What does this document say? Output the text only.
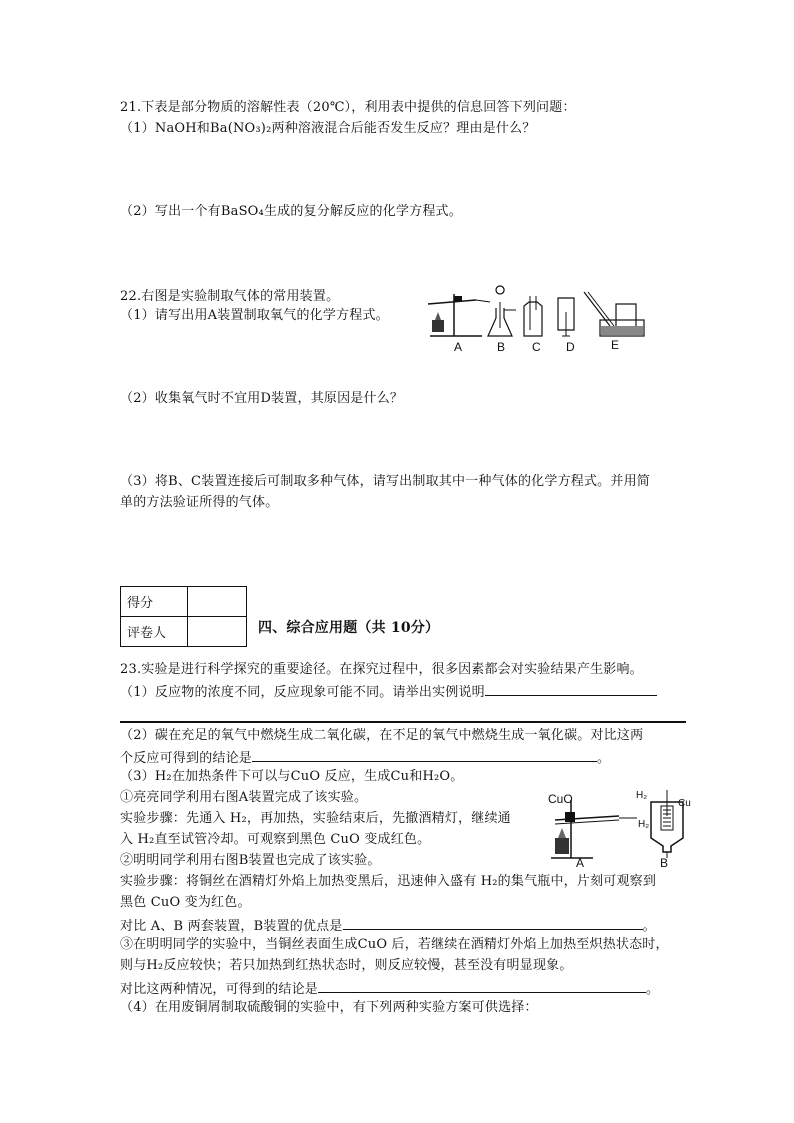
21.下表是部分物质的溶解性表（20℃），利用表中提供的信息回答下列问题：
（1）NaOH和Ba(NO₃)₂两种溶液混合后能否发生反应？理由是什么？
（2）写出一个有BaSO₄生成的复分解反应的化学方程式。
22.右图是实验制取气体的常用装置。
（1）请写出用A装置制取氧气的化学方程式。
A	B C D	E
（2）收集氧气时不宜用D装置，其原因是什么？
（3）将B、C装置连接后可制取多种气体，请写出制取其中一种气体的化学方程式。并用简
单的方法验证所得的气体。
得分	
评卷人		四、综合应用题（共 10分）
23.实验是进行科学探究的重要途径。在探究过程中，很多因素都会对实验结果产生影响。
（1）反应物的浓度不同，反应现象可能不同。请举出实例说明
（2）碳在充足的氧气中燃烧生成二氧化碳，在不足的氧气中燃烧生成一氧化碳。对比这两
个反应可得到的结论是	。
（3）H₂在加热条件下可以与CuO 反应，生成Cu和H₂O。
①亮亮同学利用右图A装置完成了该实验。
实验步骤：先通入 H₂，再加热，实验结束后，先撤酒精灯，继续通
入 H₂直至试管冷却。可观察到黑色 CuO 变成红色。
②明明同学利用右图B装置也完成了该实验。
CuO
H₂
A
H₂
Cu
B
实验步骤：将铜丝在酒精灯外焰上加热变黑后，迅速伸入盛有 H₂的集气瓶中，片刻可观察到
黑色 CuO 变为红色。
对比 A、B 两套装置，B装置的优点是	。
③在明明同学的实验中，当铜丝表面生成CuO 后，若继续在酒精灯外焰上加热至炽热状态时，
则与H₂反应较快；若只加热到红热状态时，则反应较慢，甚至没有明显现象。
对比这两种情况，可得到的结论是	。
（4）在用废铜屑制取硫酸铜的实验中，有下列两种实验方案可供选择：
